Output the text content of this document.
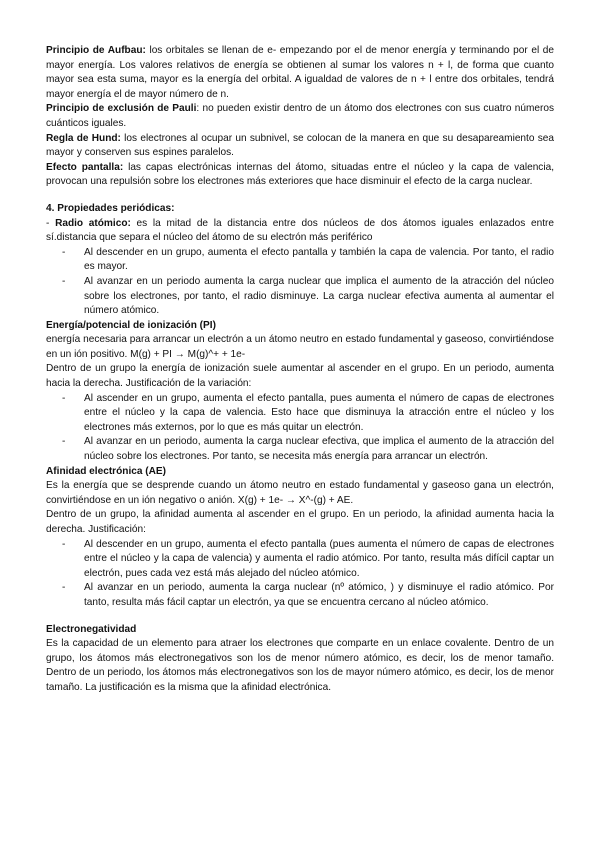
Principio de Aufbau: los orbitales se llenan de e- empezando por el de menor energía y terminando por el de mayor energía. Los valores relativos de energía se obtienen al sumar los valores n + l, de forma que cuanto mayor sea esta suma, mayor es la energía del orbital. A igualdad de valores de n + l entre dos orbitales, tendrá mayor energía el de mayor número de n.

Principio de exclusión de Pauli: no pueden existir dentro de un átomo dos electrones con sus cuatro números cuánticos iguales.

Regla de Hund: los electrones al ocupar un subnivel, se colocan de la manera en que su desapareamiento sea mayor y conserven sus espines paralelos.

Efecto pantalla: las capas electrónicas internas del átomo, situadas entre el núcleo y la capa de valencia, provocan una repulsión sobre los electrones más exteriores que hace disminuir el efecto de la carga nuclear.

4. Propiedades periódicas:

- Radio atómico: es la mitad de la distancia entre dos núcleos de dos átomos iguales enlazados entre sí.distancia que separa el núcleo del átomo de su electrón más periférico

- Al descender en un grupo, aumenta el efecto pantalla y también la capa de valencia. Por tanto, el radio es mayor.
- Al avanzar en un periodo aumenta la carga nuclear que implica el aumento de la atracción del núcleo sobre los electrones, por tanto, el radio disminuye. La carga nuclear efectiva aumenta al aumentar el número atómico.

Energía/potencial de ionización (PI)

energía necesaria para arrancar un electrón a un átomo neutro en estado fundamental y gaseoso, convirtiéndose en un ión positivo. M(g) + PI → M(g)^+ + 1e-

Dentro de un grupo la energía de ionización suele aumentar al ascender en el grupo. En un periodo, aumenta hacia la derecha. Justificación de la variación:

- Al ascender en un grupo, aumenta el efecto pantalla, pues aumenta el número de capas de electrones entre el núcleo y la capa de valencia. Esto hace que disminuya la atracción entre el núcleo y los electrones más externos, por lo que es más quitar un electrón.
- Al avanzar en un periodo, aumenta la carga nuclear efectiva, que implica el aumento de la atracción del núcleo sobre los electrones. Por tanto, se necesita más energía para arrancar un electrón.

Afinidad electrónica (AE)

Es la energía que se desprende cuando un átomo neutro en estado fundamental y gaseoso gana un electrón, convirtiéndose en un ión negativo o anión. X(g) + 1e- → X^-(g) + AE.

Dentro de un grupo, la afinidad aumenta al ascender en el grupo. En un periodo, la afinidad aumenta hacia la derecha. Justificación:

- Al descender en un grupo, aumenta el efecto pantalla (pues aumenta el número de capas de electrones entre el núcleo y la capa de valencia) y aumenta el radio atómico. Por tanto, resulta más difícil captar un electrón, pues cada vez está más alejado del núcleo atómico.
- Al avanzar en un periodo, aumenta la carga nuclear (nº atómico, ) y disminuye el radio atómico. Por tanto, resulta más fácil captar un electrón, ya que se encuentra cercano al núcleo atómico.

Electronegatividad

Es la capacidad de un elemento para atraer los electrones que comparte en un enlace covalente. Dentro de un grupo, los átomos más electronegativos son los de menor número atómico, es decir, los de menor tamaño. Dentro de un periodo, los átomos más electronegativos son los de mayor número atómico, es decir, los de menor tamaño. La justificación es la misma que la afinidad electrónica.
